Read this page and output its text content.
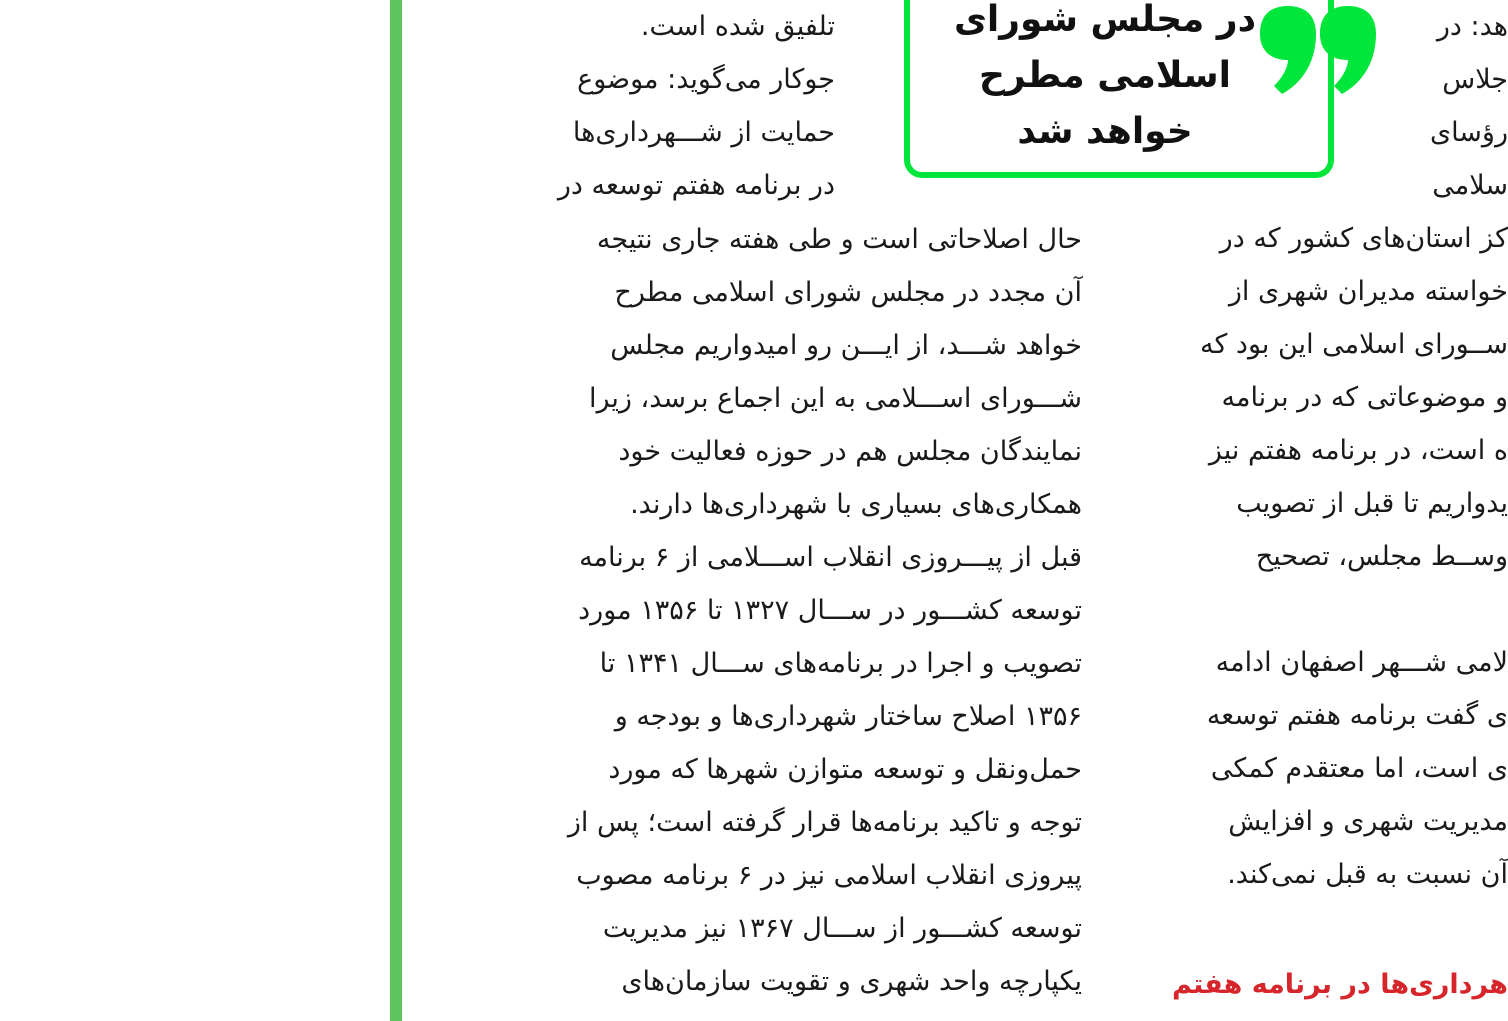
تلفیق شده است.
جوکار می‌گوید: موضوع
حمایت از شـــهرداری‌ها
در برنامه هفتم توسعه در
حال اصلاحاتی است و طی هفته جاری نتیجه
آن مجدد در مجلس شورای اسلامی مطرح
خواهد شـــد، از ایـــن رو امیدواریم مجلس
شـــورای اســـلامی به این اجماع برسد، زیرا
نمایندگان مجلس هم در حوزه فعالیت خود
همکاری‌های بسیاری با شهرداری‌ها دارند.
قبل از پیـــروزی انقلاب اســـلامی از ۶ برنامه
توسعه کشـــور در ســـال ۱۳۲۷ تا ۱۳۵۶ مورد
تصویب و اجرا در برنامه‌های ســـال ۱۳۴۱ تا
۱۳۵۶ اصلاح ساختار شهرداری‌ها و بودجه و
حمل‌ونقل و توسعه متوازن شهرها که مورد
توجه و تاکید برنامه‌ها قرار گرفته است؛ پس از
پیروزی انقلاب اسلامی نیز در ۶ برنامه مصوب
توسعه کشـــور از ســـال ۱۳۶۷ نیز مدیریت
یکپارچه واحد شهری و تقویت سازمان‌های
هد: در
جلاس
رؤسای
سلامی
کز استان‌های کشور که در
خواسته مدیران شهری از
ســورای اسلامی این بود که
و موضوعاتی که در برنامه
ه است، در برنامه هفتم نیز
یدواریم تا قبل از تصویب
وســط مجلس، تصحیح
لامی شـــهر اصفهان ادامه
ی گفت برنامه هفتم توسعه
ی است، اما معتقدم کمکی
مدیریت شهری و افزایش
آن نسبت به قبل نمی‌کند.
هرداری‌ها در برنامه هفتم
در مجلس شورای
اسلامی مطرح
خواهد شد
